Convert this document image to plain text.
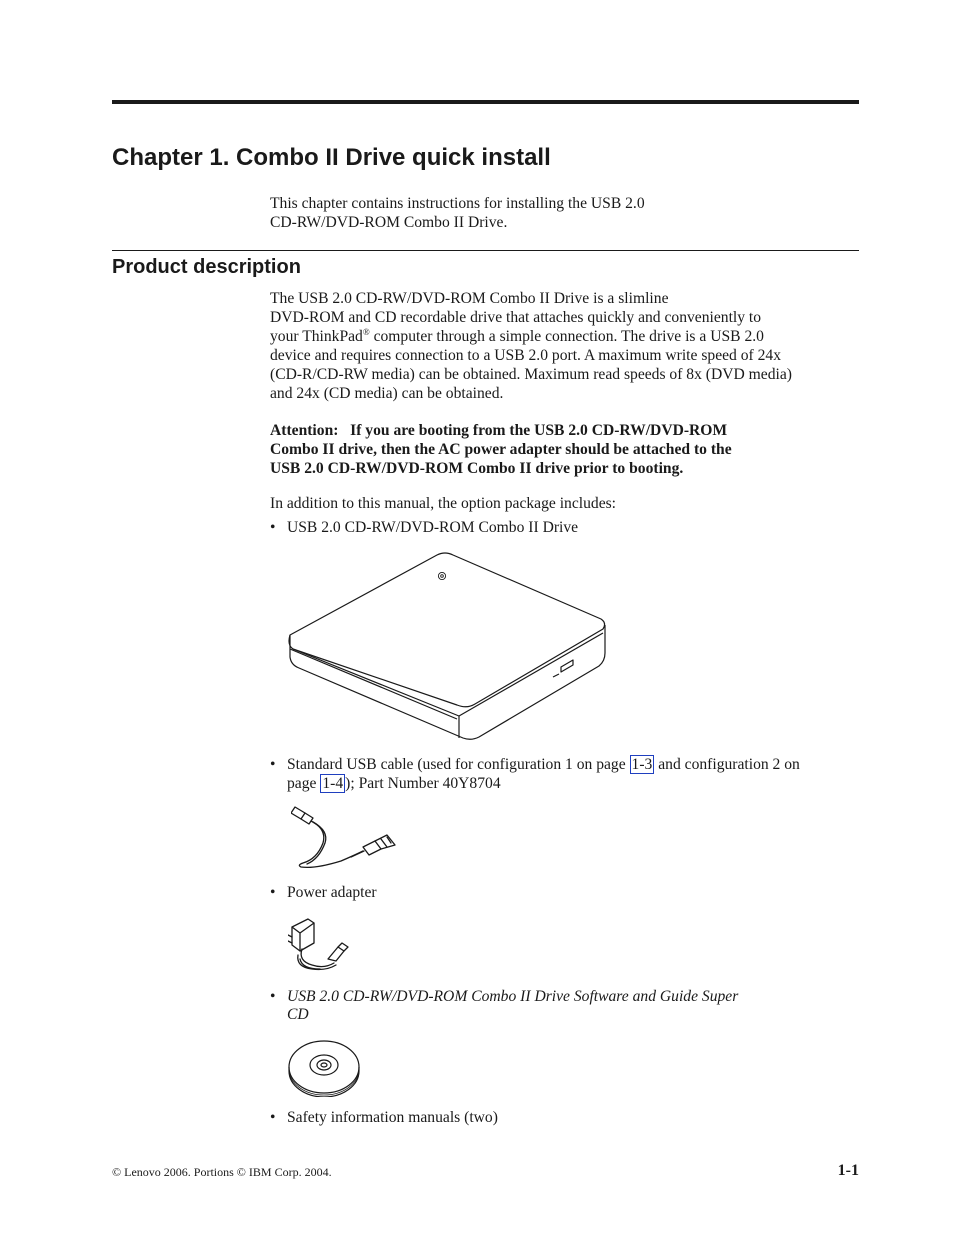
Chapter 1. Combo II Drive quick install
This chapter contains instructions for installing the USB 2.0
CD-RW/DVD-ROM Combo II Drive.
Product description
The USB 2.0 CD-RW/DVD-ROM Combo II Drive is a slimline
DVD-ROM and CD recordable drive that attaches quickly and conveniently to
your ThinkPad® computer through a simple connection. The drive is a USB 2.0
device and requires connection to a USB 2.0 port. A maximum write speed of 24x
(CD-R/CD-RW media) can be obtained. Maximum read speeds of 8x (DVD media)
and 24x (CD media) can be obtained.
Attention: If you are booting from the USB 2.0 CD-RW/DVD-ROM
Combo II drive, then the AC power adapter should be attached to the
USB 2.0 CD-RW/DVD-ROM Combo II drive prior to booting.
In addition to this manual, the option package includes:
• USB 2.0 CD-RW/DVD-ROM Combo II Drive
• Standard USB cable (used for configuration 1 on page 1-3 and configuration 2 on
page 1-4 ); Part Number 40Y8704
• Power adapter
• USB 2.0 CD-RW/DVD-ROM Combo II Drive Software and Guide Super
CD
• Safety information manuals (two)
© Lenovo 2006. Portions © IBM Corp. 2004.	1-1
